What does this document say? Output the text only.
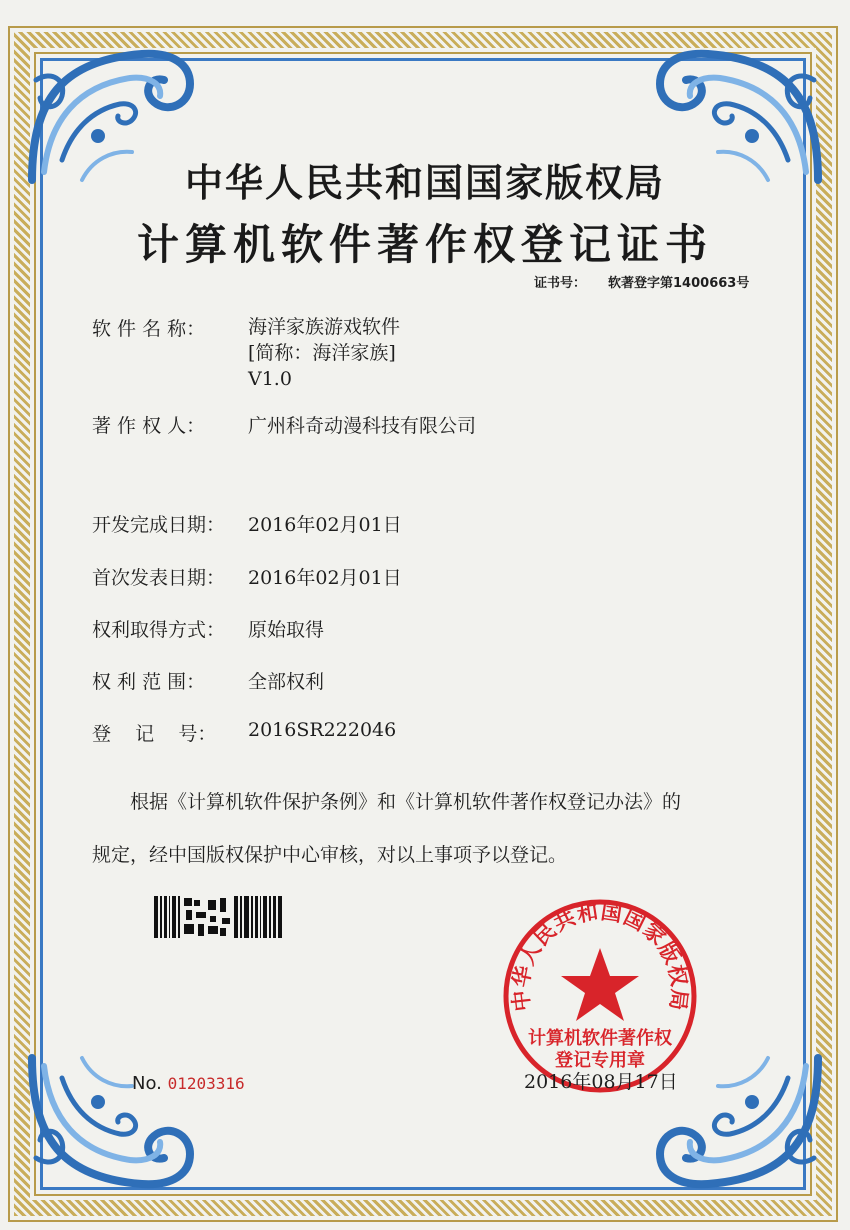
中华人民共和国国家版权局
计算机软件著作权登记证书
证书号： 软著登字第1400663号
软 件 名 称： 海洋家族游戏软件
[简称：海洋家族]
V1.0
著 作 权 人： 广州科奇动漫科技有限公司
开发完成日期： 2016年02月01日
首次发表日期： 2016年02月01日
权利取得方式： 原始取得
权 利 范 围： 全部权利
登    记    号： 2016SR222046
根据《计算机软件保护条例》和《计算机软件著作权登记办法》的
规定，经中国版权保护中心审核，对以上事项予以登记。
中华人民共和国国家版权局
计算机软件著作权
登记专用章
No. 01203316	2016年08月17日
